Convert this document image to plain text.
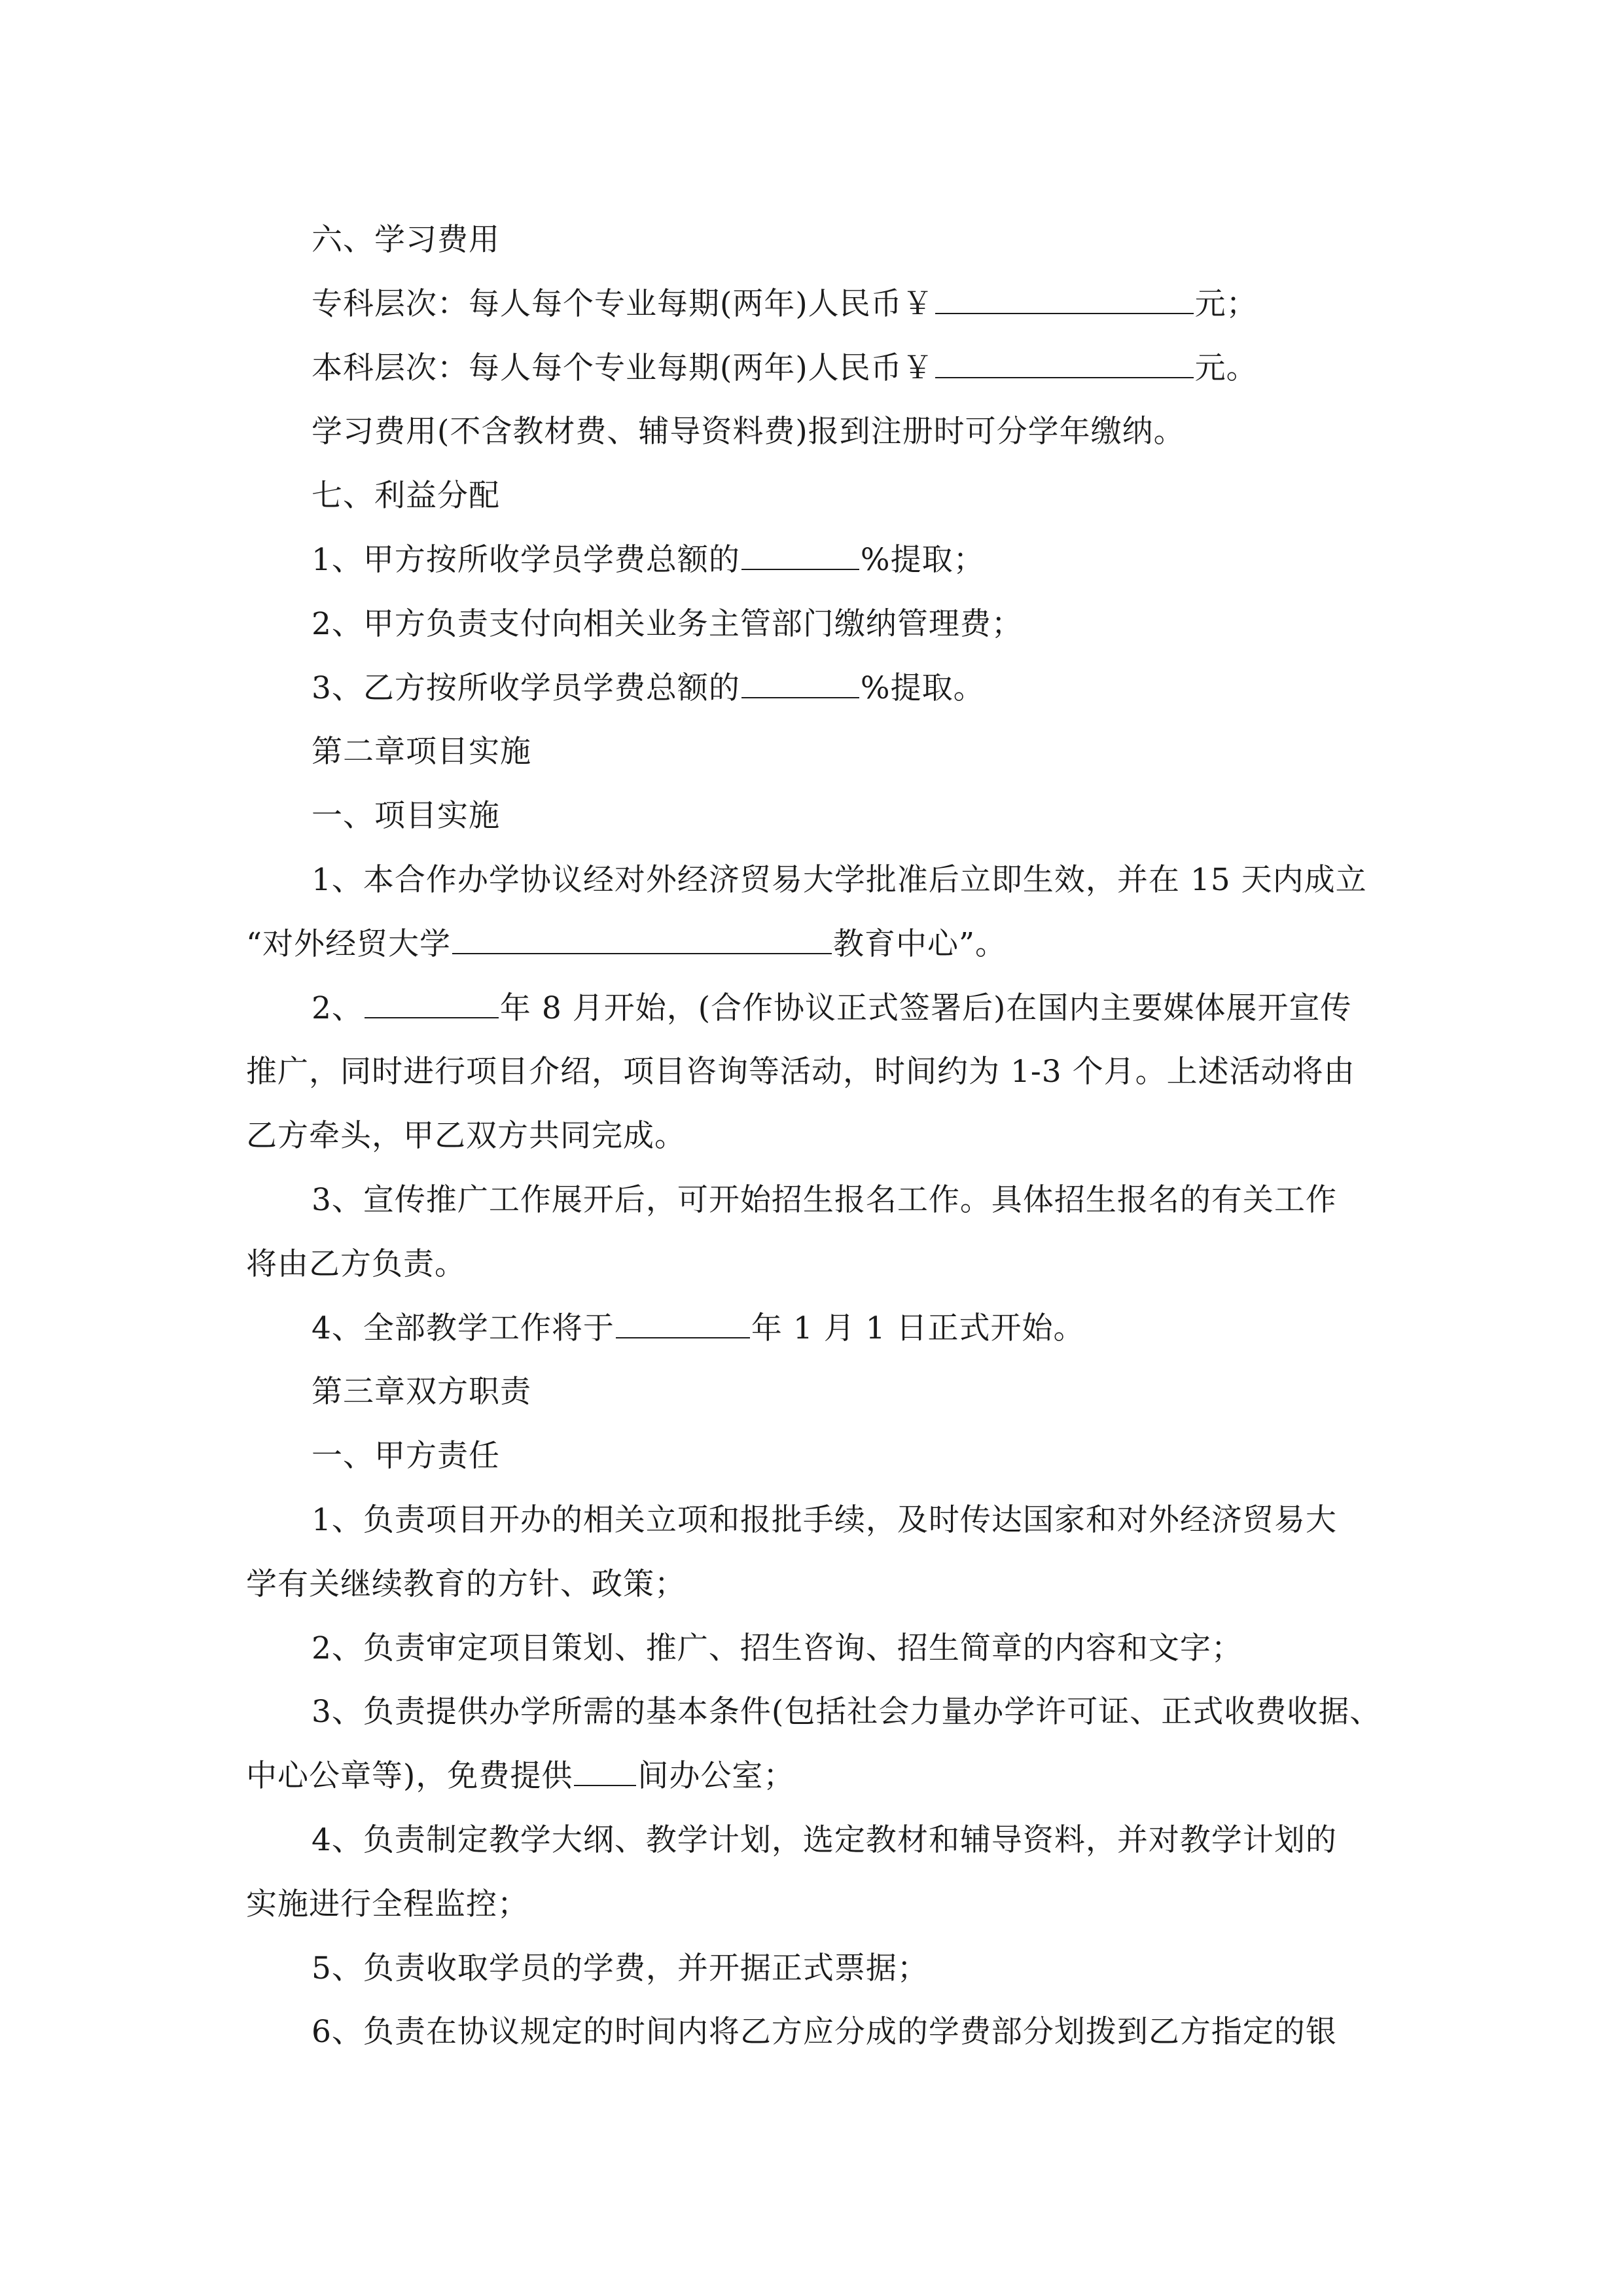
六、学习费用
专科层次：每人每个专业每期(两年)人民币￥	元；
本科层次：每人每个专业每期(两年)人民币￥	元。
学习费用(不含教材费、辅导资料费)报到注册时可分学年缴纳。
七、利益分配
1、甲方按所收学员学费总额的	%提取；
2、甲方负责支付向相关业务主管部门缴纳管理费；
3、乙方按所收学员学费总额的	%提取。
第二章项目实施
一、项目实施
1、本合作办学协议经对外经济贸易大学批准后立即生效，并在 15 天内成立
“对外经贸大学	教育中心”。
2、	年 8 月开始，(合作协议正式签署后)在国内主要媒体展开宣传
推广，同时进行项目介绍，项目咨询等活动，时间约为 1-3 个月。上述活动将由
乙方牵头，甲乙双方共同完成。
3、宣传推广工作展开后，可开始招生报名工作。具体招生报名的有关工作
将由乙方负责。
4、全部教学工作将于	年 1 月 1 日正式开始。
第三章双方职责
一、甲方责任
1、负责项目开办的相关立项和报批手续，及时传达国家和对外经济贸易大
学有关继续教育的方针、政策；
2、负责审定项目策划、推广、招生咨询、招生简章的内容和文字；
3、负责提供办学所需的基本条件(包括社会力量办学许可证、正式收费收据、
中心公章等)，免费提供 间办公室；
4、负责制定教学大纲、教学计划，选定教材和辅导资料，并对教学计划的
实施进行全程监控；
5、负责收取学员的学费，并开据正式票据；
6、负责在协议规定的时间内将乙方应分成的学费部分划拨到乙方指定的银
